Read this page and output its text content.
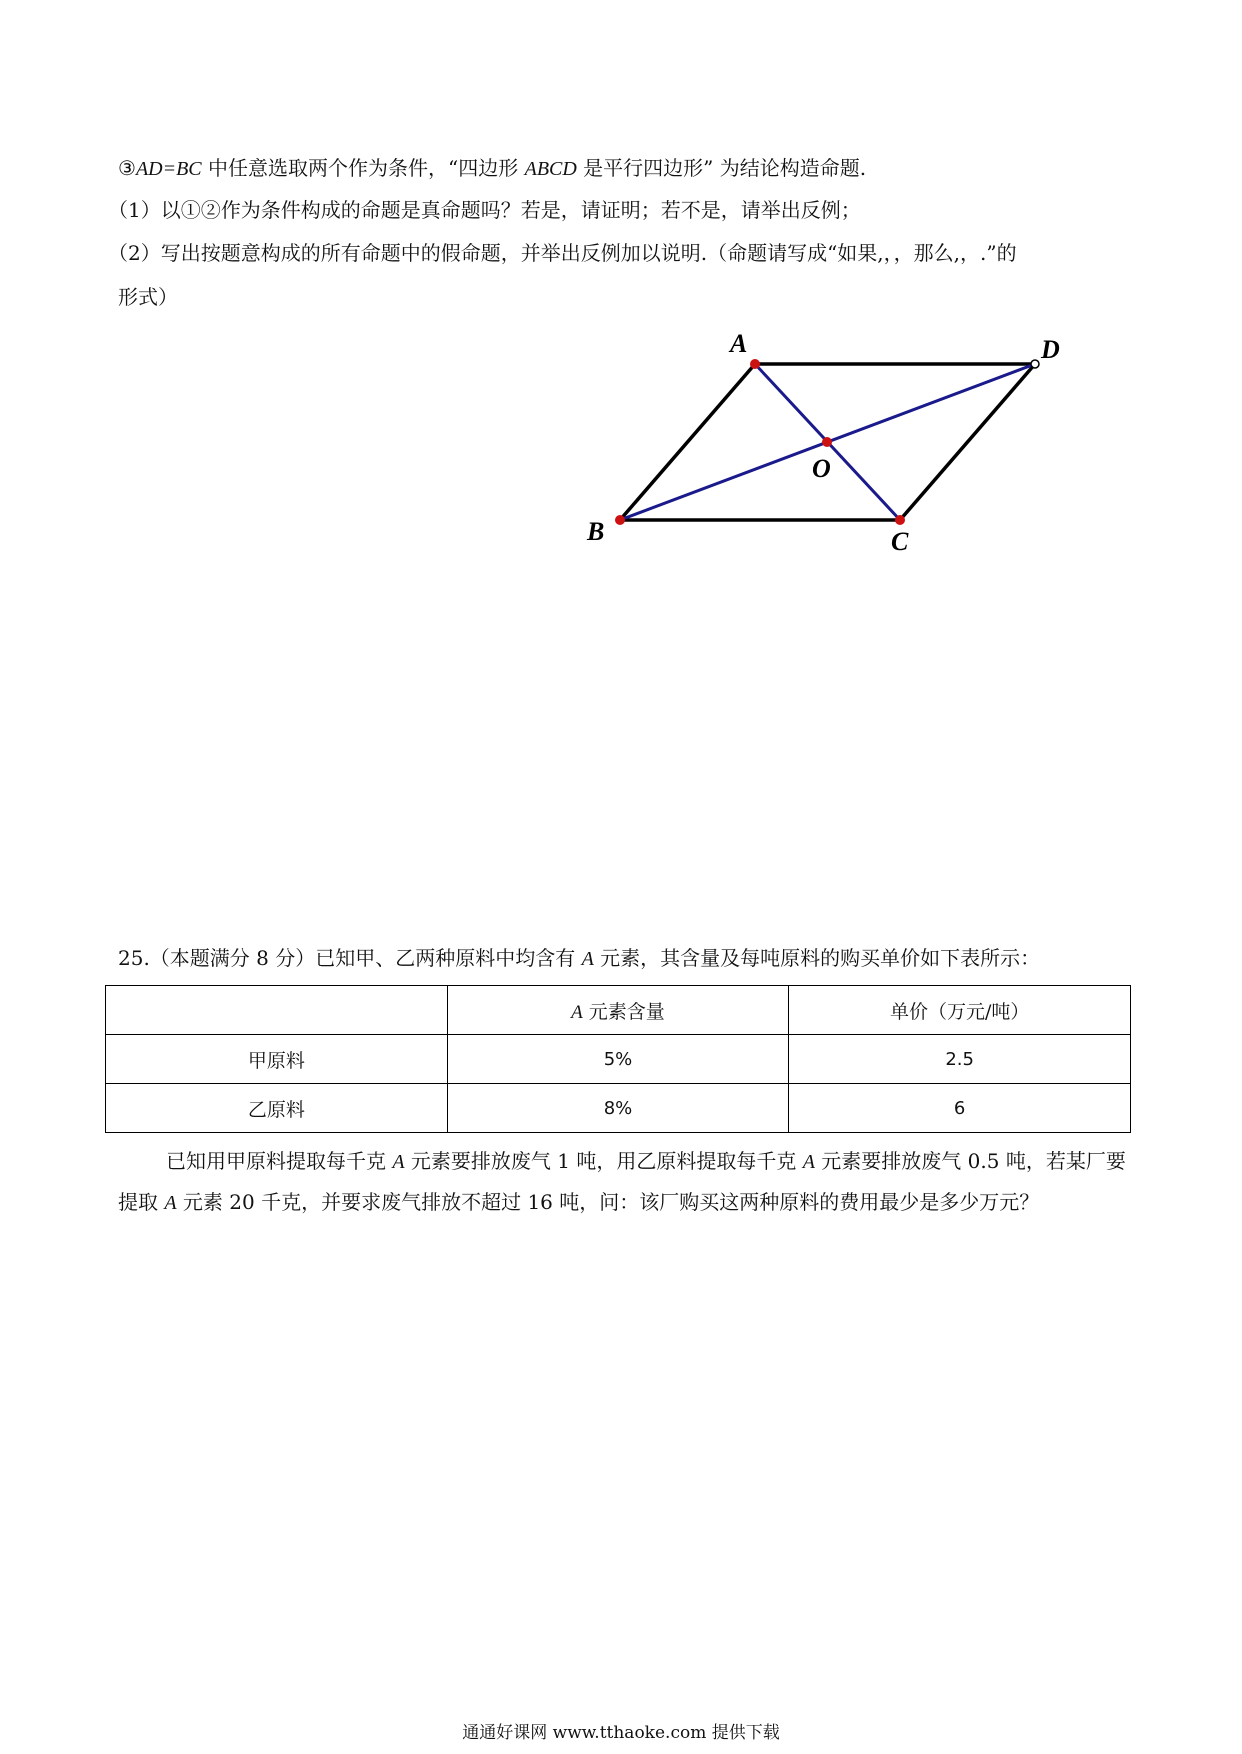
③AD=BC 中任意选取两个作为条件，“四边形 ABCD 是平行四边形” 为结论构造命题.
（1）以①②作为条件构成的命题是真命题吗？若是，请证明；若不是，请举出反例；
（2）写出按题意构成的所有命题中的假命题，并举出反例加以说明.（命题请写成“如果,，，那么,，.”的
形式）
A
B	C
D
O
25.（本题满分 8 分）已知甲、乙两种原料中均含有 A 元素，其含量及每吨原料的购买单价如下表所示：
	A 元素含量	单价（万元/吨）
甲原料	5%	2.5
乙原料	8%	6
已知用甲原料提取每千克 A 元素要排放废气 1 吨，用乙原料提取每千克 A 元素要排放废气 0.5 吨，若某厂要提取 A 元素 20 千克，并要求废气排放不超过 16 吨，问：该厂购买这两种原料的费用最少是多少万元？
通通好课网 www.tthaoke.com 提供下载
